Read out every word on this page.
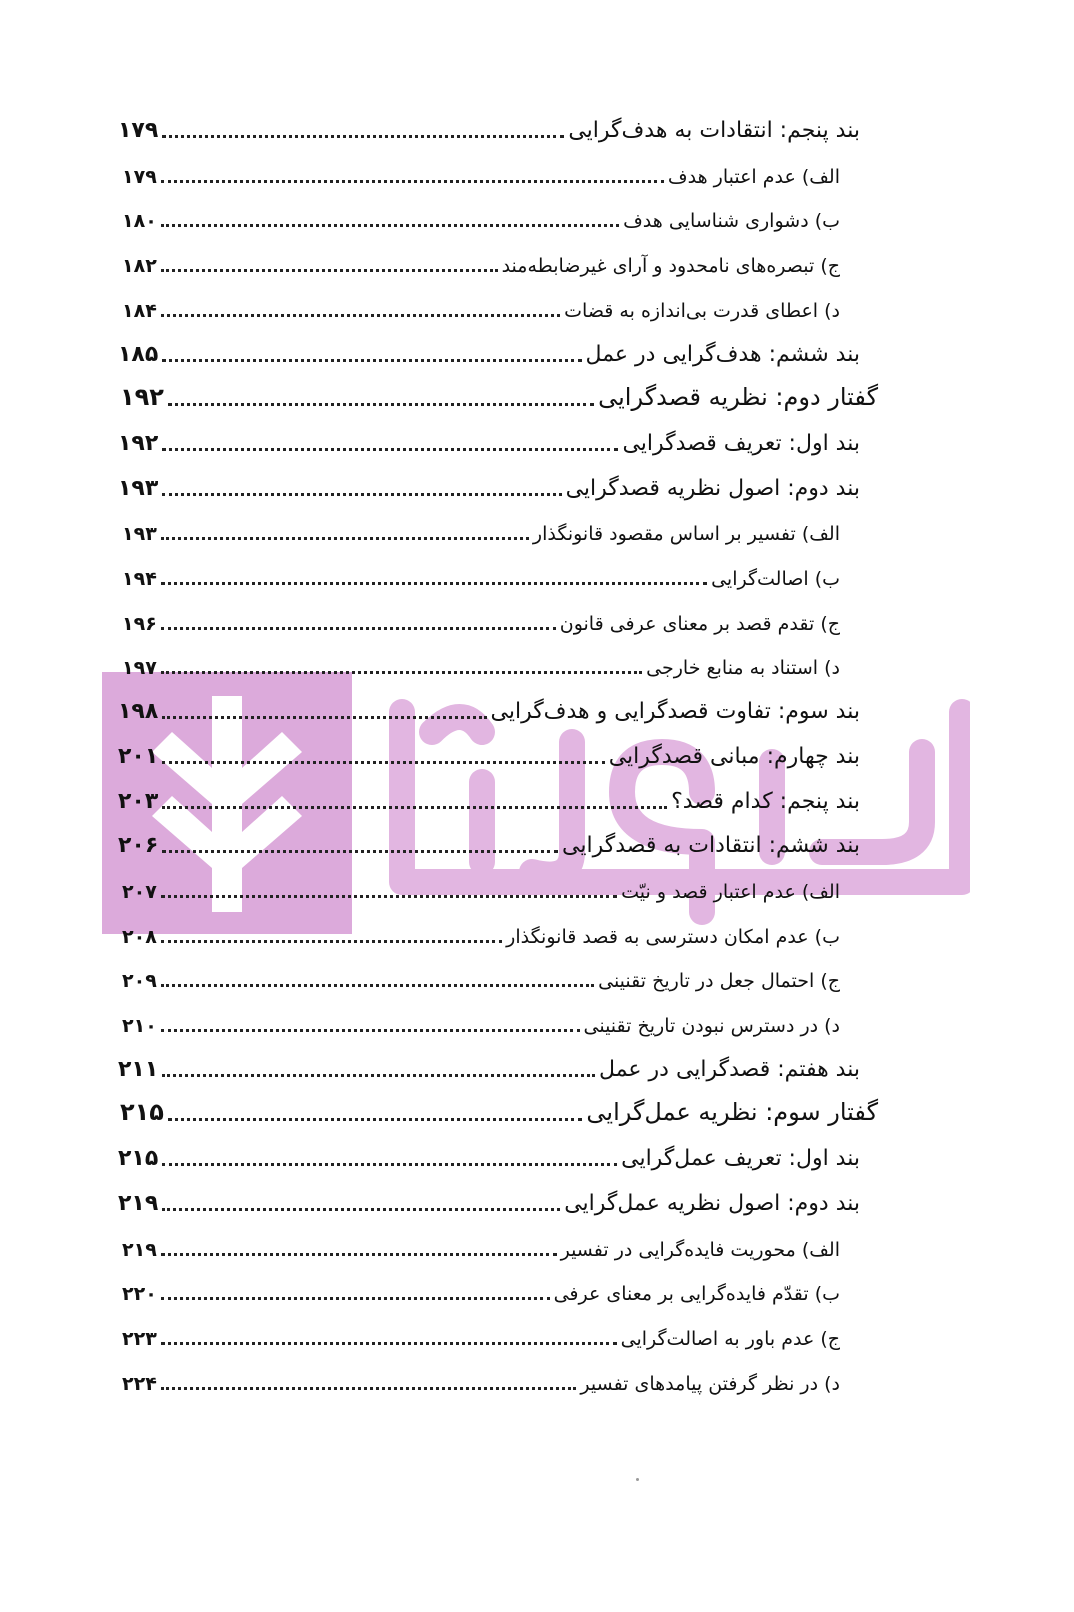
بند پنجم: انتقادات به هدف‌گرایی
۱۷۹
الف) عدم اعتبار هدف
۱۷۹
ب) دشواری شناسایی هدف
۱۸۰
ج) تبصره‌های نامحدود و آرای غیرضابطه‌مند
۱۸۲
د) اعطای قدرت بی‌اندازه به قضات
۱۸۴
بند ششم: هدف‌گرایی در عمل
۱۸۵
گفتار دوم: نظریه قصدگرایی
۱۹۲
بند اول: تعریف قصدگرایی
۱۹۲
بند دوم: اصول نظریه قصدگرایی
۱۹۳
الف) تفسیر بر اساس مقصود قانونگذار
۱۹۳
ب) اصالت‌گرایی
۱۹۴
ج) تقدم قصد بر معنای عرفی قانون
۱۹۶
د) استناد به منابع خارجی
۱۹۷
بند سوم: تفاوت قصدگرایی و هدف‌گرایی
۱۹۸
بند چهارم: مبانی قصدگرایی
۲۰۱
بند پنجم: کدام قصد؟
۲۰۳
بند ششم: انتقادات به قصدگرایی
۲۰۶
الف) عدم اعتبار قصد و نیّت
۲۰۷
ب) عدم امکان دسترسی به قصد قانونگذار
۲۰۸
ج) احتمال جعل در تاریخ تقنینی
۲۰۹
د) در دسترس نبودن تاریخ تقنینی
۲۱۰
بند هفتم: قصدگرایی در عمل
۲۱۱
گفتار سوم: نظریه عمل‌گرایی
۲۱۵
بند اول: تعریف عمل‌گرایی
۲۱۵
بند دوم: اصول نظریه عمل‌گرایی
۲۱۹
الف) محوریت فایده‌گرایی در تفسیر
۲۱۹
ب) تقدّم فایده‌گرایی بر معنای عرفی
۲۲۰
ج) عدم باور به اصالت‌گرایی
۲۲۳
د) در نظر گرفتن پیامدهای تفسیر
۲۲۴
